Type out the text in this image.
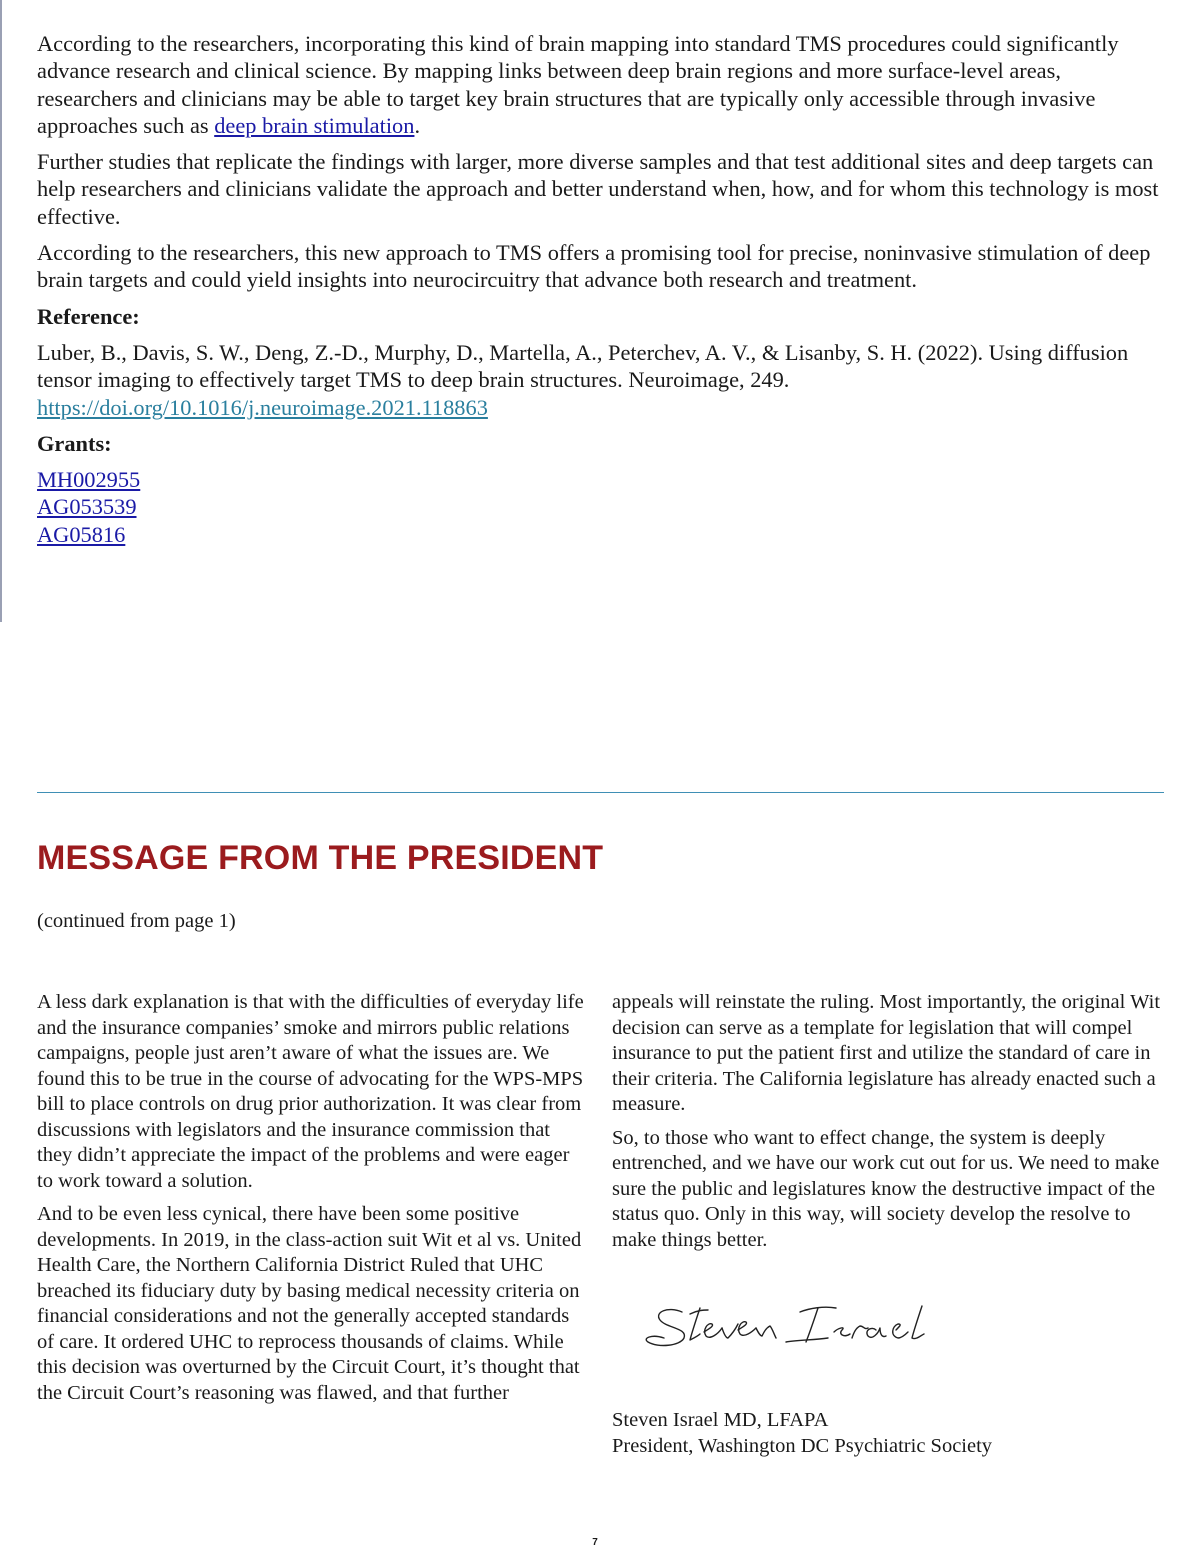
According to the researchers, incorporating this kind of brain mapping into standard TMS procedures could significantly advance research and clinical science. By mapping links between deep brain regions and more surface-level areas, researchers and clinicians may be able to target key brain structures that are typically only accessible through invasive approaches such as deep brain stimulation.

Further studies that replicate the findings with larger, more diverse samples and that test additional sites and deep targets can help researchers and clinicians validate the approach and better understand when, how, and for whom this technology is most effective.

According to the researchers, this new approach to TMS offers a promising tool for precise, noninvasive stimulation of deep brain targets and could yield insights into neurocircuitry that advance both research and treatment.

Reference:

Luber, B., Davis, S. W., Deng, Z.-D., Murphy, D., Martella, A., Peterchev, A. V., & Lisanby, S. H. (2022). Using diffusion tensor imaging to effectively target TMS to deep brain structures. Neuroimage, 249.
https://doi.org/10.1016/j.neuroimage.2021.118863

Grants:

MH002955
AG053539
AG05816
MESSAGE FROM THE PRESIDENT
(continued from page 1)

A less dark explanation is that with the difficulties of everyday life and the insurance companies’ smoke and mirrors public relations campaigns, people just aren’t aware of what the issues are. We found this to be true in the course of advocating for the WPS-MPS bill to place controls on drug prior authorization. It was clear from discussions with legislators and the insurance commission that they didn’t appreciate the impact of the problems and were eager to work toward a solution.

And to be even less cynical, there have been some positive developments. In 2019, in the class-action suit Wit et al vs. United Health Care, the Northern California District Ruled that UHC breached its fiduciary duty by basing medical necessity criteria on financial considerations and not the generally accepted standards of care. It ordered UHC to reprocess thousands of claims. While this decision was overturned by the Circuit Court, it’s thought that the Circuit Court’s reasoning was flawed, and that further

appeals will reinstate the ruling. Most importantly, the original Wit decision can serve as a template for legislation that will compel insurance to put the patient first and utilize the standard of care in their criteria. The California legislature has already enacted such a measure.

So, to those who want to effect change, the system is deeply entrenched, and we have our work cut out for us. We need to make sure the public and legislatures know the destructive impact of the status quo. Only in this way, will society develop the resolve to make things better.

Steven Israel MD, LFAPA
President, Washington DC Psychiatric Society
7
